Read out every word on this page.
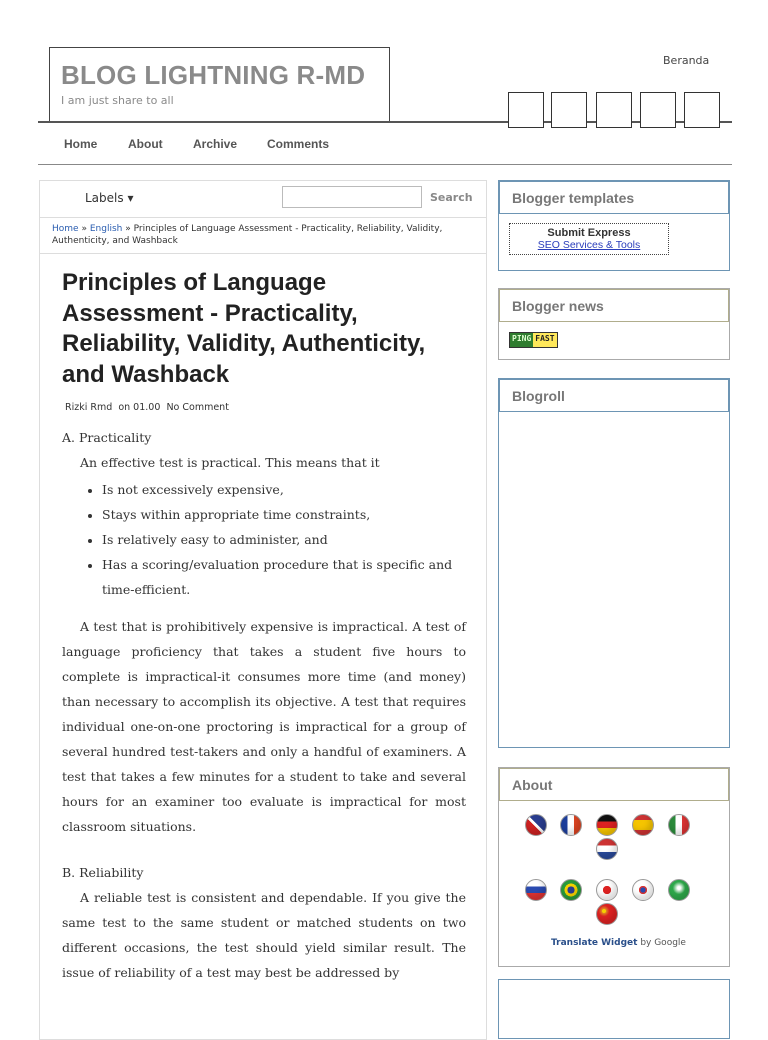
BLOG LIGHTNING R-MD
I am just share to all
Beranda
Home	About	Archive Comments
Labels ▾	Search
Home » English » Principles of Language Assessment - Practicality, Reliability, Validity, Authenticity, and Washback
Principles of Language Assessment - Practicality, Reliability, Validity, Authenticity, and Washback
Rizki Rmd on 01.00 No Comment
A. Practicality
An effective test is practical. This means that it
Is not excessively expensive,
Stays within appropriate time constraints,
Is relatively easy to administer, and
Has a scoring/evaluation procedure that is specific and time-efficient.
A test that is prohibitively expensive is impractical. A test of language proficiency that takes a student five hours to complete is impractical-it consumes more time (and money) than necessary to accomplish its objective. A test that requires individual one-on-one proctoring is impractical for a group of several hundred test-takers and only a handful of examiners. A test that takes a few minutes for a student to take and several hours for an examiner too evaluate is impractical for most classroom situations.
B. Reliability
A reliable test is consistent and dependable. If you give the same test to the same student or matched students on two different occasions, the test should yield similar result. The issue of reliability of a test may best be addressed by
Blogger templates
Submit Express
SEO Services & Tools
Blogger news
PING FAST
Blogroll
About
Translate Widget by Google
